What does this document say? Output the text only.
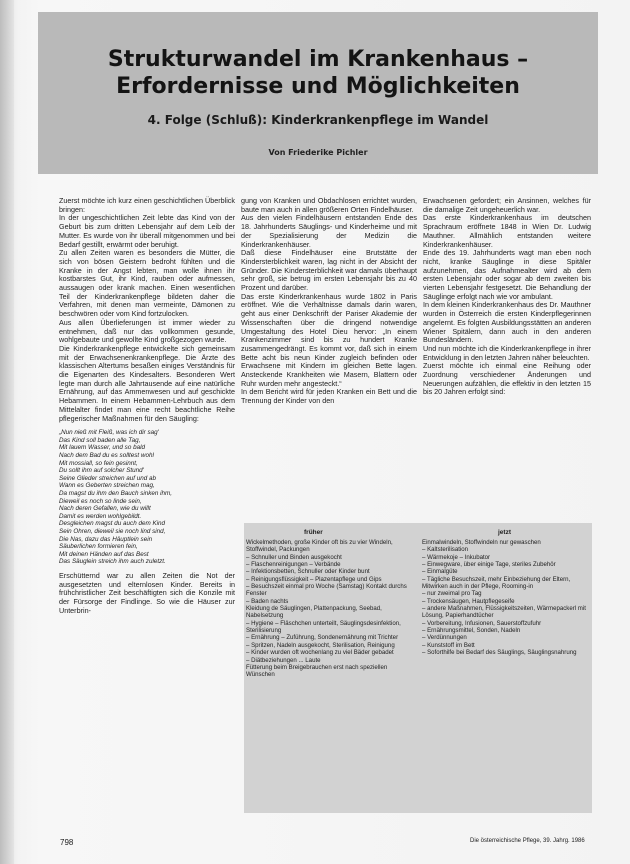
Strukturwandel im Krankenhaus –
Erfordernisse und Möglichkeiten
4. Folge (Schluß): Kinderkrankenpflege im Wandel
Von Friederike Pichler

Zuerst möchte ich kurz einen geschichtlichen Überblick bringen:

In der ungeschichtlichen Zeit lebte das Kind von der Geburt bis zum dritten Lebensjahr auf dem Leib der Mutter. Es wurde von ihr überall mitgenommen und bei Bedarf gestillt, erwärmt oder beruhigt.

Zu allen Zeiten waren es besonders die Mütter, die sich von bösen Geistern bedroht fühlten und die Kranke in der Angst lebten, man wolle ihnen ihr kostbarstes Gut, ihr Kind, rauben oder aufmessen, aussaugen oder krank machen. Einen wesentlichen Teil der Kinderkrankenpflege bildeten daher die Verfahren, mit denen man vermeinte, Dämonen zu beschwören oder vom Kind fortzulocken.

Aus allen Überlieferungen ist immer wieder zu entnehmen, daß nur das vollkommen gesunde, wohlgebaute und gewollte Kind großgezogen wurde.

Die Kinderkrankenpflege entwickelte sich gemeinsam mit der Erwachsenenkrankenpflege. Die Ärzte des klassischen Altertums besaßen einiges Verständnis für die Eigenarten des Kindesalters. Besonderen Wert legte man durch alle Jahrtausende auf eine natürliche Ernährung, auf das Ammenwesen und auf geschickte Hebammen. In einem Hebammen-Lehrbuch aus dem Mittelalter findet man eine recht beachtliche Reihe pflegerischer Maßnahmen für den Säugling:

„Nun nieß mit Fleiß, was ich dir sag'
Das Kind soll baden alle Tag,
Mit lauem Wasser, und so bald
Nach dem Bad du es solltest wohl
Mit mossiall, so fein gesinnt,
Du sollt ihm auf solcher Stund'
Seine Glieder streichen auf und ab
Wann es Geberten streichen mag,
Da magst du ihm den Bauch sinken ihm,
Dieweil es noch so linde sein,
Nach deren Gefallen, wie du willt
Damit es werden wohlgebildt.
Desgleichen magst du auch dem Kind
Sein Ohren, dieweil sie noch lind sind,
Die Nas, dazu das Häuptlein sein
Säuberlichen formieren fein,
Mit deinen Händen auf das Best
Das Säuglein streich ihm auch zuletzt.

Erschütternd war zu allen Zeiten die Not der ausgesetzten und elternlosen Kinder. Bereits in frühchristlicher Zeit beschäftigten sich die Konzile mit der Fürsorge der Findlinge. So wie die Häuser zur Unterbrin-

gung von Kranken und Obdachlosen errichtet wurden, baute man auch in allen größeren Orten Findelhäuser.

Aus den vielen Findelhäusern entstanden Ende des 18. Jahrhunderts Säuglings- und Kinderheime und mit der Spezialisierung der Medizin die Kinderkrankenhäuser.

Daß diese Findelhäuser eine Brutstätte der Kindersterblichkeit waren, lag nicht in der Absicht der Gründer. Die Kindersterblichkeit war damals überhaupt sehr groß, sie betrug im ersten Lebensjahr bis zu 40 Prozent und darüber.

Das erste Kinderkrankenhaus wurde 1802 in Paris eröffnet. Wie die Verhältnisse damals darin waren, geht aus einer Denkschrift der Pariser Akademie der Wissenschaften über die dringend notwendige Umgestaltung des Hotel Dieu hervor: „In einem Krankenzimmer sind bis zu hundert Kranke zusammengedrängt. Es kommt vor, daß sich in einem Bette acht bis neun Kinder zugleich befinden oder Erwachsene mit Kindern im gleichen Bette lagen. Ansteckende Krankheiten wie Masern, Blattern oder Ruhr wurden mehr angesteckt.“

In dem Bericht wird für jeden Kranken ein Bett und die Trennung der Kinder von den

Erwachsenen gefordert; ein Ansinnen, welches für die damalige Zeit ungeheuerlich war.

Das erste Kinderkrankenhaus im deutschen Sprachraum eröffnete 1848 in Wien Dr. Ludwig Mauthner. Allmählich entstanden weitere Kinderkrankenhäuser.

Ende des 19. Jahrhunderts wagt man eben noch nicht, kranke Säuglinge in diese Spitäler aufzunehmen, das Aufnahmealter wird ab dem ersten Lebensjahr oder sogar ab dem zweiten bis vierten Lebensjahr festgesetzt. Die Behandlung der Säuglinge erfolgt nach wie vor ambulant.

In dem kleinen Kinderkrankenhaus des Dr. Mauthner wurden in Österreich die ersten Kinderpflegerinnen angelernt. Es folgten Ausbildungsstätten an anderen Wiener Spitälern, dann auch in den anderen Bundesländern.

Und nun möchte ich die Kinderkrankenpflege in ihrer Entwicklung in den letzten Jahren näher beleuchten.

Zuerst möchte ich einmal eine Reihung oder Zuordnung verschiedener Änderungen und Neuerungen aufzählen, die effektiv in den letzten 15 bis 20 Jahren erfolgt sind:

früher	jetzt
Wickelmethoden, große Kinder oft bis zu vier Windeln, Stoffwindel, Packungen
– Schnuller und Binden ausgekocht
– Flaschenreinigungen – Verbände
– Infektionsbetten, Schnuller oder Kinder bunt
– Reinigungsflüssigkeit – Plazentapflege und Gips
– Besuchszeit einmal pro Woche (Samstag) Kontakt durchs Fenster
– Baden nachts
Kleidung de Säuglingen, Plattenpackung, Seebad, Nabelsetzung
– Hygiene – Fläschchen unterteilt, Säuglingsdesinfektion, Sterilisierung
– Ernährung – Zuführung, Sondenernährung mit Trichter
– Spritzen, Nadeln ausgekocht, Sterilisation, Reinigung
– Kinder wurden oft wochenlang zu viel Bäder gebadet
– Diätbeziehungen ... Laute
Fütterung beim Breigebrauchen erst nach speziellen Wünschen
Einmalwindeln, Stoffwindeln nur gewaschen
– Kaltsterilisation
– Wärmekoje – Inkubator
– Einwegware, über einige Tage, steriles Zubehör
– Einmalgüte
– Tägliche Besuchszeit, mehr Einbeziehung der Eltern, Mitwirken auch in der Pflege, Rooming-in
– nur zweimal pro Tag
– Trockensäugen, Hautpflegeseife
– andere Maßnahmen, Flüssigkeitszeiten, Wärmepackerl mit Lösung, Papierhandtücher
– Vorbereitung, Infusionen, Sauerstoffzufuhr
– Ernährungsmittel, Sonden, Nadeln
– Verdünnungen
– Kunststoff im Bett
– Soforthilfe bei Bedarf des Säuglings, Säuglingsnahrung
798	Die österreichische Pflege, 39. Jahrg. 1986
